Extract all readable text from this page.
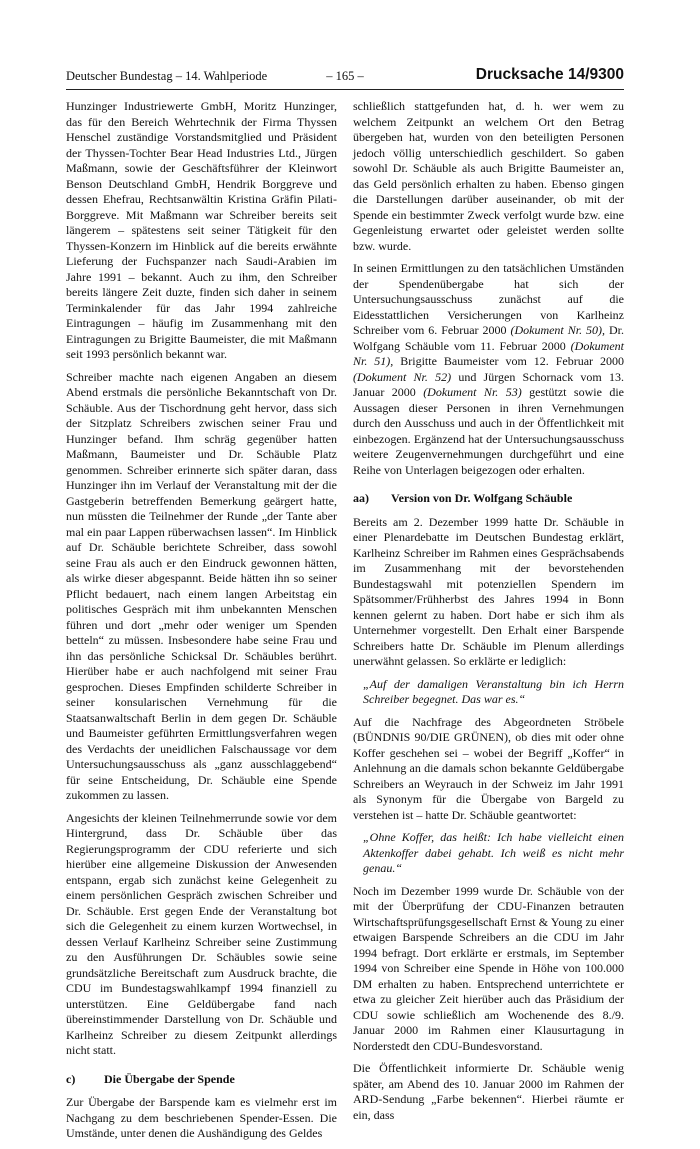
Deutscher Bundestag – 14. Wahlperiode	– 165 –	Drucksache 14/9300

Hunzinger Industriewerte GmbH, Moritz Hunzinger, das für den Bereich Wehrtechnik der Firma Thyssen Henschel zuständige Vorstandsmitglied und Präsident der Thyssen-Tochter Bear Head Industries Ltd., Jürgen Maßmann, sowie der Geschäftsführer der Kleinwort Benson Deutschland GmbH, Hendrik Borggreve und dessen Ehefrau, Rechtsanwältin Kristina Gräfin Pilati-Borggreve. Mit Maßmann war Schreiber bereits seit längerem – spätestens seit seiner Tätigkeit für den Thyssen-Konzern im Hinblick auf die bereits erwähnte Lieferung der Fuchspanzer nach Saudi-Arabien im Jahre 1991 – bekannt. Auch zu ihm, den Schreiber bereits längere Zeit duzte, finden sich daher in seinem Terminkalender für das Jahr 1994 zahlreiche Eintragungen – häufig im Zusammenhang mit den Eintragungen zu Brigitte Baumeister, die mit Maßmann seit 1993 persönlich bekannt war.

Schreiber machte nach eigenen Angaben an diesem Abend erstmals die persönliche Bekanntschaft von Dr. Schäuble. Aus der Tischordnung geht hervor, dass sich der Sitzplatz Schreibers zwischen seiner Frau und Hunzinger befand. Ihm schräg gegenüber hatten Maßmann, Baumeister und Dr. Schäuble Platz genommen. Schreiber erinnerte sich später daran, dass Hunzinger ihn im Verlauf der Veranstaltung mit der die Gastgeberin betreffenden Bemerkung geärgert hatte, nun müssten die Teilnehmer der Runde „der Tante aber mal ein paar Lappen rüberwachsen lassen“. Im Hinblick auf Dr. Schäuble berichtete Schreiber, dass sowohl seine Frau als auch er den Eindruck gewonnen hätten, als wirke dieser abgespannt. Beide hätten ihn so seiner Pflicht bedauert, nach einem langen Arbeitstag ein politisches Gespräch mit ihm unbekannten Menschen führen und dort „mehr oder weniger um Spenden betteln“ zu müssen. Insbesondere habe seine Frau und ihn das persönliche Schicksal Dr. Schäubles berührt. Hierüber habe er auch nachfolgend mit seiner Frau gesprochen. Dieses Empfinden schilderte Schreiber in seiner konsularischen Vernehmung für die Staatsanwaltschaft Berlin in dem gegen Dr. Schäuble und Baumeister geführten Ermittlungsverfahren wegen des Verdachts der uneidlichen Falschaussage vor dem Untersuchungsausschuss als „ganz ausschlaggebend“ für seine Entscheidung, Dr. Schäuble eine Spende zukommen zu lassen.

Angesichts der kleinen Teilnehmerrunde sowie vor dem Hintergrund, dass Dr. Schäuble über das Regierungsprogramm der CDU referierte und sich hierüber eine allgemeine Diskussion der Anwesenden entspann, ergab sich zunächst keine Gelegenheit zu einem persönlichen Gespräch zwischen Schreiber und Dr. Schäuble. Erst gegen Ende der Veranstaltung bot sich die Gelegenheit zu einem kurzen Wortwechsel, in dessen Verlauf Karlheinz Schreiber seine Zustimmung zu den Ausführungen Dr. Schäubles sowie seine grundsätzliche Bereitschaft zum Ausdruck brachte, die CDU im Bundestagswahlkampf 1994 finanziell zu unterstützen. Eine Geldübergabe fand nach übereinstimmender Darstellung von Dr. Schäuble und Karlheinz Schreiber zu diesem Zeitpunkt allerdings nicht statt.

c)	Die Übergabe der Spende

Zur Übergabe der Barspende kam es vielmehr erst im Nachgang zu dem beschriebenen Spender-Essen. Die Umstände, unter denen die Aushändigung des Geldes

schließlich stattgefunden hat, d. h. wer wem zu welchem Zeitpunkt an welchem Ort den Betrag übergeben hat, wurden von den beteiligten Personen jedoch völlig unterschiedlich geschildert. So gaben sowohl Dr. Schäuble als auch Brigitte Baumeister an, das Geld persönlich erhalten zu haben. Ebenso gingen die Darstellungen darüber auseinander, ob mit der Spende ein bestimmter Zweck verfolgt wurde bzw. eine Gegenleistung erwartet oder geleistet werden sollte bzw. wurde.

In seinen Ermittlungen zu den tatsächlichen Umständen der Spendenübergabe hat sich der Untersuchungsausschuss zunächst auf die Eidesstattlichen Versicherungen von Karlheinz Schreiber vom 6. Februar 2000 (Dokument Nr. 50), Dr. Wolfgang Schäuble vom 11. Februar 2000 (Dokument Nr. 51), Brigitte Baumeister vom 12. Februar 2000 (Dokument Nr. 52) und Jürgen Schornack vom 13. Januar 2000 (Dokument Nr. 53) gestützt sowie die Aussagen dieser Personen in ihren Vernehmungen durch den Ausschuss und auch in der Öffentlichkeit mit einbezogen. Ergänzend hat der Untersuchungsausschuss weitere Zeugenvernehmungen durchgeführt und eine Reihe von Unterlagen beigezogen oder erhalten.

aa)	Version von Dr. Wolfgang Schäuble

Bereits am 2. Dezember 1999 hatte Dr. Schäuble in einer Plenardebatte im Deutschen Bundestag erklärt, Karlheinz Schreiber im Rahmen eines Gesprächsabends im Zusammenhang mit der bevorstehenden Bundestagswahl mit potenziellen Spendern im Spätsommer/Frühherbst des Jahres 1994 in Bonn kennen gelernt zu haben. Dort habe er sich ihm als Unternehmer vorgestellt. Den Erhalt einer Barspende Schreibers hatte Dr. Schäuble im Plenum allerdings unerwähnt gelassen. So erklärte er lediglich:

„Auf der damaligen Veranstaltung bin ich Herrn Schreiber begegnet. Das war es.“

Auf die Nachfrage des Abgeordneten Ströbele (BÜNDNIS 90/DIE GRÜNEN), ob dies mit oder ohne Koffer geschehen sei – wobei der Begriff „Koffer“ in Anlehnung an die damals schon bekannte Geldübergabe Schreibers an Weyrauch in der Schweiz im Jahr 1991 als Synonym für die Übergabe von Bargeld zu verstehen ist – hatte Dr. Schäuble geantwortet:

„Ohne Koffer, das heißt: Ich habe vielleicht einen Aktenkoffer dabei gehabt. Ich weiß es nicht mehr genau.“

Noch im Dezember 1999 wurde Dr. Schäuble von der mit der Überprüfung der CDU-Finanzen betrauten Wirtschaftsprüfungsgesellschaft Ernst & Young zu einer etwaigen Barspende Schreibers an die CDU im Jahr 1994 befragt. Dort erklärte er erstmals, im September 1994 von Schreiber eine Spende in Höhe von 100.000 DM erhalten zu haben. Entsprechend unterrichtete er etwa zu gleicher Zeit hierüber auch das Präsidium der CDU sowie schließlich am Wochenende des 8./9. Januar 2000 im Rahmen einer Klausurtagung in Norderstedt den CDU-Bundesvorstand.

Die Öffentlichkeit informierte Dr. Schäuble wenig später, am Abend des 10. Januar 2000 im Rahmen der ARD-Sendung „Farbe bekennen“. Hierbei räumte er ein, dass
